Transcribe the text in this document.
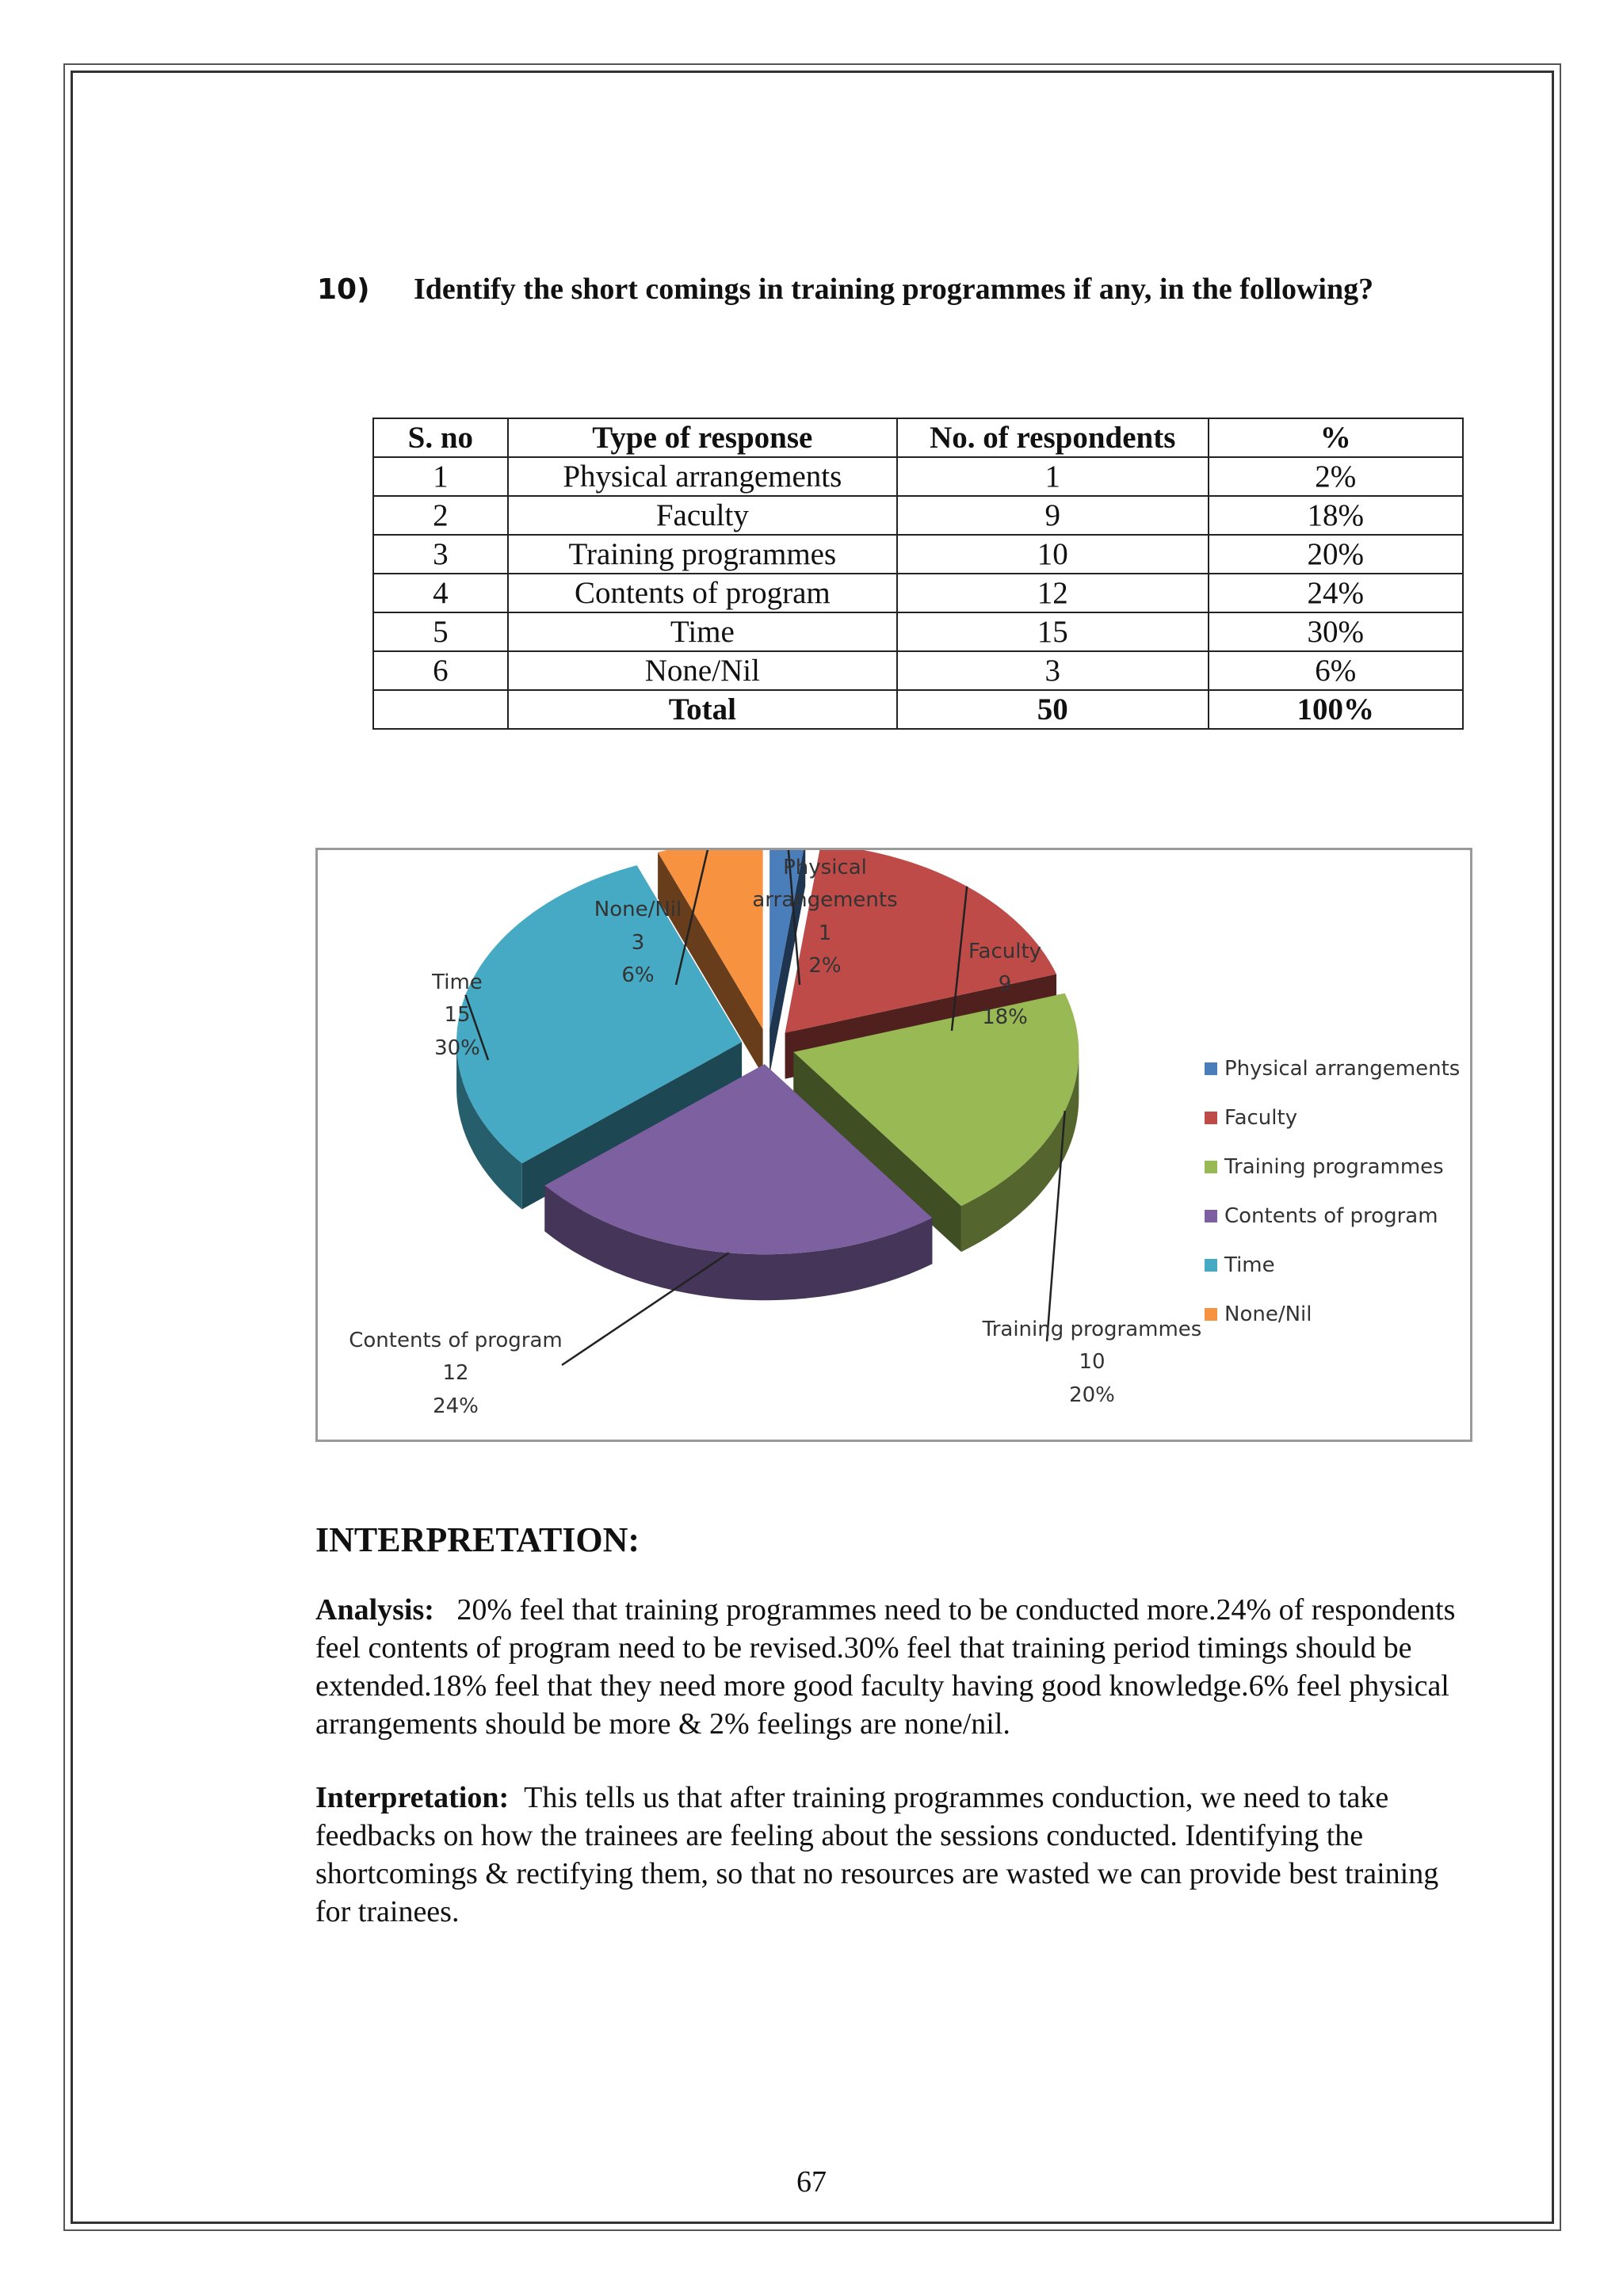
10) Identify the short comings in training programmes if any, in the following?
S. no	Type of response	No. of respondents	%
1	Physical arrangements	1	2%
2	Faculty	9	18%
3	Training programmes	10	20%
4	Contents of program	12	24%
5	Time	15	30%
6	None/Nil	3	6%
	Total	50	100%
Physical
arrangements
1
2%
Faculty
9
18%
Training programmes
10
20%
Contents of program
12
24%
Time
15
30%
None/Nil
3
6%
Physical arrangements
Faculty
Training programmes
Contents of program
Time
None/Nil
INTERPRETATION:
Analysis: 20% feel that training programmes need to be conducted more.24% of respondents feel contents of program need to be revised.30% feel that training period timings should be extended.18% feel that they need more good faculty having good knowledge.6% feel physical arrangements should be more & 2% feelings are none/nil.
Interpretation: This tells us that after training programmes conduction, we need to take feedbacks on how the trainees are feeling about the sessions conducted. Identifying the shortcomings & rectifying them, so that no resources are wasted we can provide best training for trainees.
67
